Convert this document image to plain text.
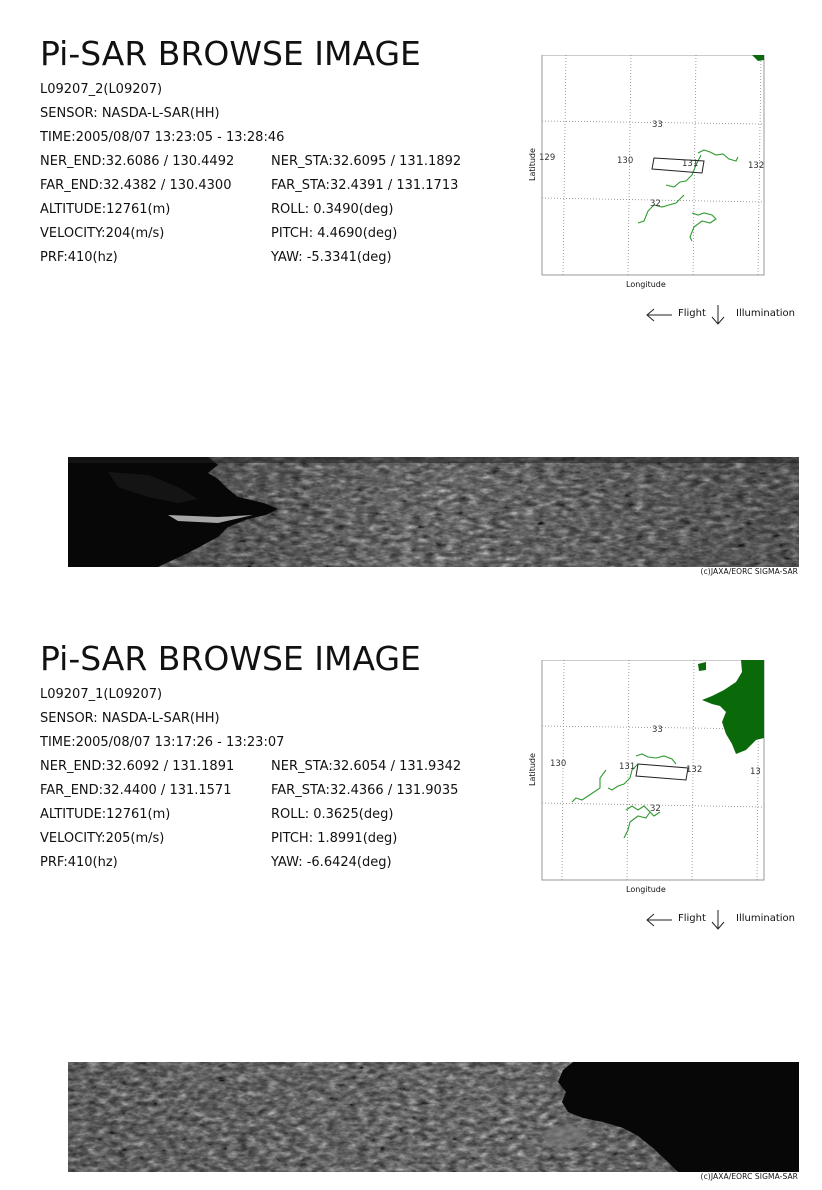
Pi-SAR BROWSE IMAGE
L09207_2(L09207)
SENSOR: NASDA-L-SAR(HH)
TIME:2005/08/07 13:23:05 - 13:28:46
NER_END:32.6086 / 130.4492	NER_STA:32.6095 / 131.1892
FAR_END:32.4382 / 130.4300	FAR_STA:32.4391 / 131.1713
ALTITUDE:12761(m)	ROLL: 0.3490(deg)
VELOCITY:204(m/s)	PITCH: 4.4690(deg)
PRF:410(hz)	YAW: -5.3341(deg)
129	130	131	132
33
32
Longitude
Latitude
Flight	Illumination
(c)JAXA/EORC SIGMA-SAR
Pi-SAR BROWSE IMAGE
L09207_1(L09207)
SENSOR: NASDA-L-SAR(HH)
TIME:2005/08/07 13:17:26 - 13:23:07
NER_END:32.6092 / 131.1891	NER_STA:32.6054 / 131.9342
FAR_END:32.4400 / 131.1571	FAR_STA:32.4366 / 131.9035
ALTITUDE:12761(m)	ROLL: 0.3625(deg)
VELOCITY:205(m/s)	PITCH: 1.8991(deg)
PRF:410(hz)	YAW: -6.6424(deg)
130	131	132	13
33
32
Longitude
Latitude
Flight	Illumination
(c)JAXA/EORC SIGMA-SAR
